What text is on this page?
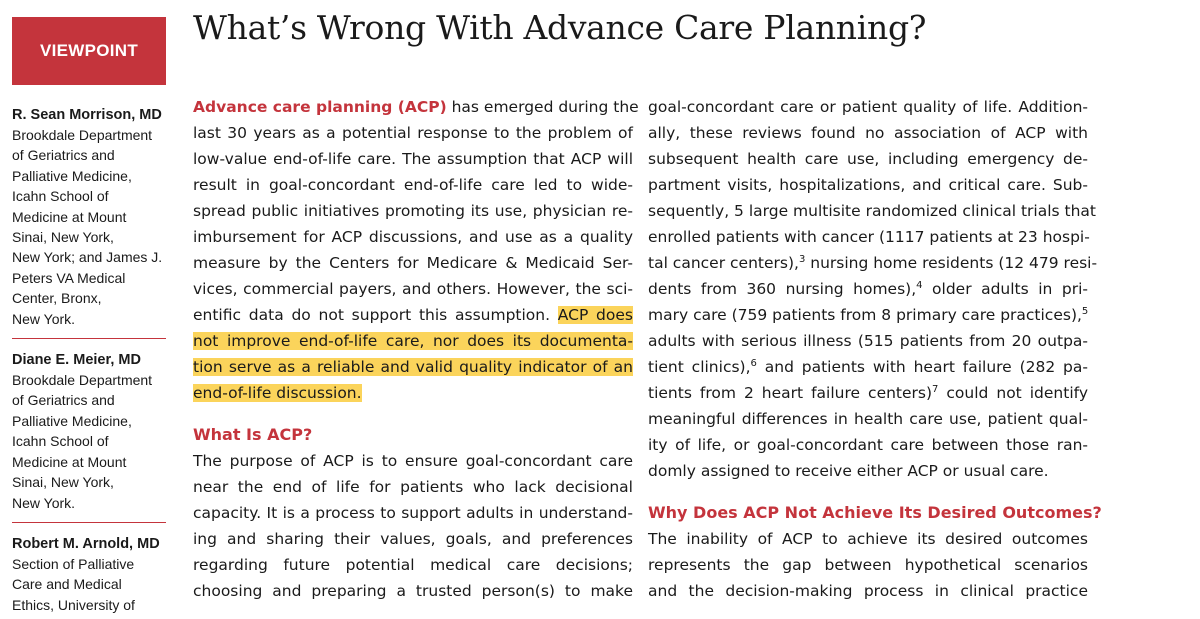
VIEWPOINT
What’s Wrong With Advance Care Planning?
R. Sean Morrison, MD
Brookdale Department
of Geriatrics and
Palliative Medicine,
Icahn School of
Medicine at Mount
Sinai, New York,
New York; and James J.
Peters VA Medical
Center, Bronx,
New York.
Diane E. Meier, MD
Brookdale Department
of Geriatrics and
Palliative Medicine,
Icahn School of
Medicine at Mount
Sinai, New York,
New York.
Robert M. Arnold, MD
Section of Palliative
Care and Medical
Ethics, University of
Advance care planning (ACP) has emerged during the
last 30 years as a potential response to the problem of
low-value end-of-life care. The assumption that ACP will
result in goal-concordant end-of-life care led to wide-
spread public initiatives promoting its use, physician re-
imbursement for ACP discussions, and use as a quality
measure by the Centers for Medicare & Medicaid Ser-
vices, commercial payers, and others. However, the sci-
entific data do not support this assumption. ACP does
not improve end-of-life care, nor does its documenta-
tion serve as a reliable and valid quality indicator of an
end-of-life discussion.
What Is ACP?
The purpose of ACP is to ensure goal-concordant care
near the end of life for patients who lack decisional
capacity. It is a process to support adults in understand-
ing and sharing their values, goals, and preferences
regarding future potential medical care decisions;
choosing and preparing a trusted person(s) to make
goal-concordant care or patient quality of life. Addition-
ally, these reviews found no association of ACP with
subsequent health care use, including emergency de-
partment visits, hospitalizations, and critical care. Sub-
sequently, 5 large multisite randomized clinical trials that
enrolled patients with cancer (1117 patients at 23 hospi-
tal cancer centers),$^3$ nursing home residents (12 479 resi-
dents from 360 nursing homes),$^4$ older adults in pri-
mary care (759 patients from 8 primary care practices),$^5$
adults with serious illness (515 patients from 20 outpa-
tient clinics),$^6$ and patients with heart failure (282 pa-
tients from 2 heart failure centers)$^7$ could not identify
meaningful differences in health care use, patient qual-
ity of life, or goal-concordant care between those ran-
domly assigned to receive either ACP or usual care.
Why Does ACP Not Achieve Its Desired Outcomes?
The inability of ACP to achieve its desired outcomes
represents the gap between hypothetical scenarios
and the decision-making process in clinical practice
